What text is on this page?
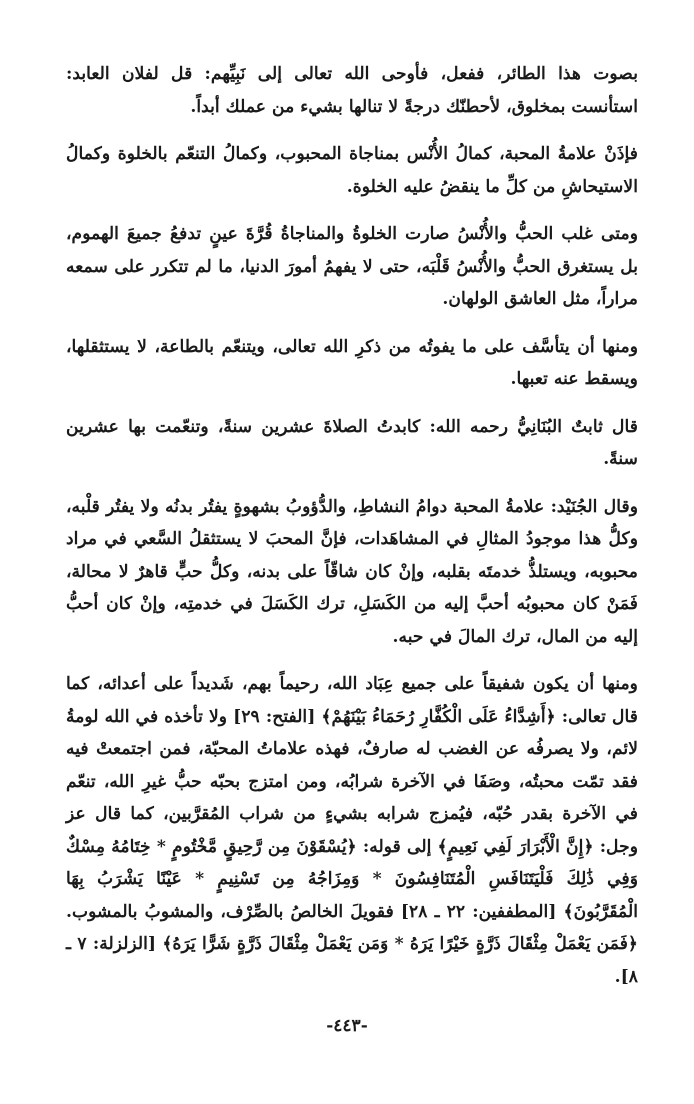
بصوت هذا الطائر، ففعل، فأوحى الله تعالى إلى نَبِيِّهم: قل لفلان العابد: استأنست بمخلوق، لأحطنّك درجةً لا تنالها بشيء من عملك أبداً.

فإذَنْ علامةُ المحبة، كمالُ الأُنْس بمناجاة المحبوب، وكمالُ التنعّم بالخلوة وكمالُ الاستيحاشِ من كلِّ ما ينقضُ عليه الخلوة.

ومتى غلب الحبُّ والأُنْسُ صارت الخلوةُ والمناجاةُ قُرَّةَ عينٍ تدفعُ جميعَ الهموم، بل يستغرق الحبُّ والأُنْسُ قَلْبَه، حتى لا يفهمُ أمورَ الدنيا، ما لم تتكرر على سمعه مراراً، مثل العاشق الولهان.

ومنها أن يتأسَّف على ما يفوتُه من ذكرِ الله تعالى، ويتنعّم بالطاعة، لا يستثقلها، ويسقط عنه تعبها.

قال ثابتٌ البُنَانِيُّ رحمه الله: كابدتُ الصلاةَ عشرين سنةً، وتنعّمت بها عشرين سنةً.

وقال الجُنَيْد: علامةُ المحبة دوامُ النشاطِ، والدُّؤوبُ بشهوةٍ يفتُر بدنُه ولا يفتُر قلْبه، وكلُّ هذا موجودُ المثالِ في المشاهَدات، فإنَّ المحبَ لا يستثقلُ السَّعي في مراد محبوبه، ويستلذُّ خدمتَه بقلبه، وإنْ كان شاقّاً على بدنه، وكلُّ حبٍّ قاهرٌ لا محالة، فَمَنْ كان محبوبُه أحبَّ إليه من الكَسَلِ، ترك الكَسَلَ في خدمتِه، وإنْ كان أحبُّ إليه من المال، ترك المالَ في حبه.

ومنها أن يكون شفيقاً على جميع عِبَاد الله، رحيماً بهم، شَديداً على أعدائه، كما قال تعالى: ﴿أَشِدَّاءُ عَلَى الْكُفَّارِ رُحَمَاءُ بَيْنَهُمْ﴾ [الفتح: ٢٩] ولا تأخذه في الله لومةُ لائم، ولا يصرفُه عن الغضب له صارفٌ، فهذه علاماتُ المحبّة، فمن اجتمعتْ فيه فقد تمّت محبتُه، وصَفَا في الآخرة شرابُه، ومن امتزج بحبّه حبُّ غيرِ الله، تنعّم في الآخرة بقدر حُبّه، فيُمزج شرابه بشيءٍ من شراب المُقرَّبين، كما قال عز وجل: ﴿إِنَّ الْأَبْرَارَ لَفِي نَعِيمٍ﴾ إلى قوله: ﴿يُسْقَوْنَ مِن رَّحِيقٍ مَّخْتُومٍ * خِتَامُهُ مِسْكٌ وَفِي ذَٰلِكَ فَلْيَتَنَافَسِ الْمُتَنَافِسُونَ * وَمِزَاجُهُ مِن تَسْنِيمٍ * عَيْنًا يَشْرَبُ بِهَا الْمُقَرَّبُونَ﴾ [المطففين: ٢٢ ـ ٢٨] فقويلَ الخالصُ بالصِّرْف، والمشوبُ بالمشوب. ﴿فَمَن يَعْمَلْ مِثْقَالَ ذَرَّةٍ خَيْرًا يَرَهُ * وَمَن يَعْمَلْ مِثْقَالَ ذَرَّةٍ شَرًّا يَرَهُ﴾ [الزلزلة: ٧ ـ ٨].

-٤٤٣-
